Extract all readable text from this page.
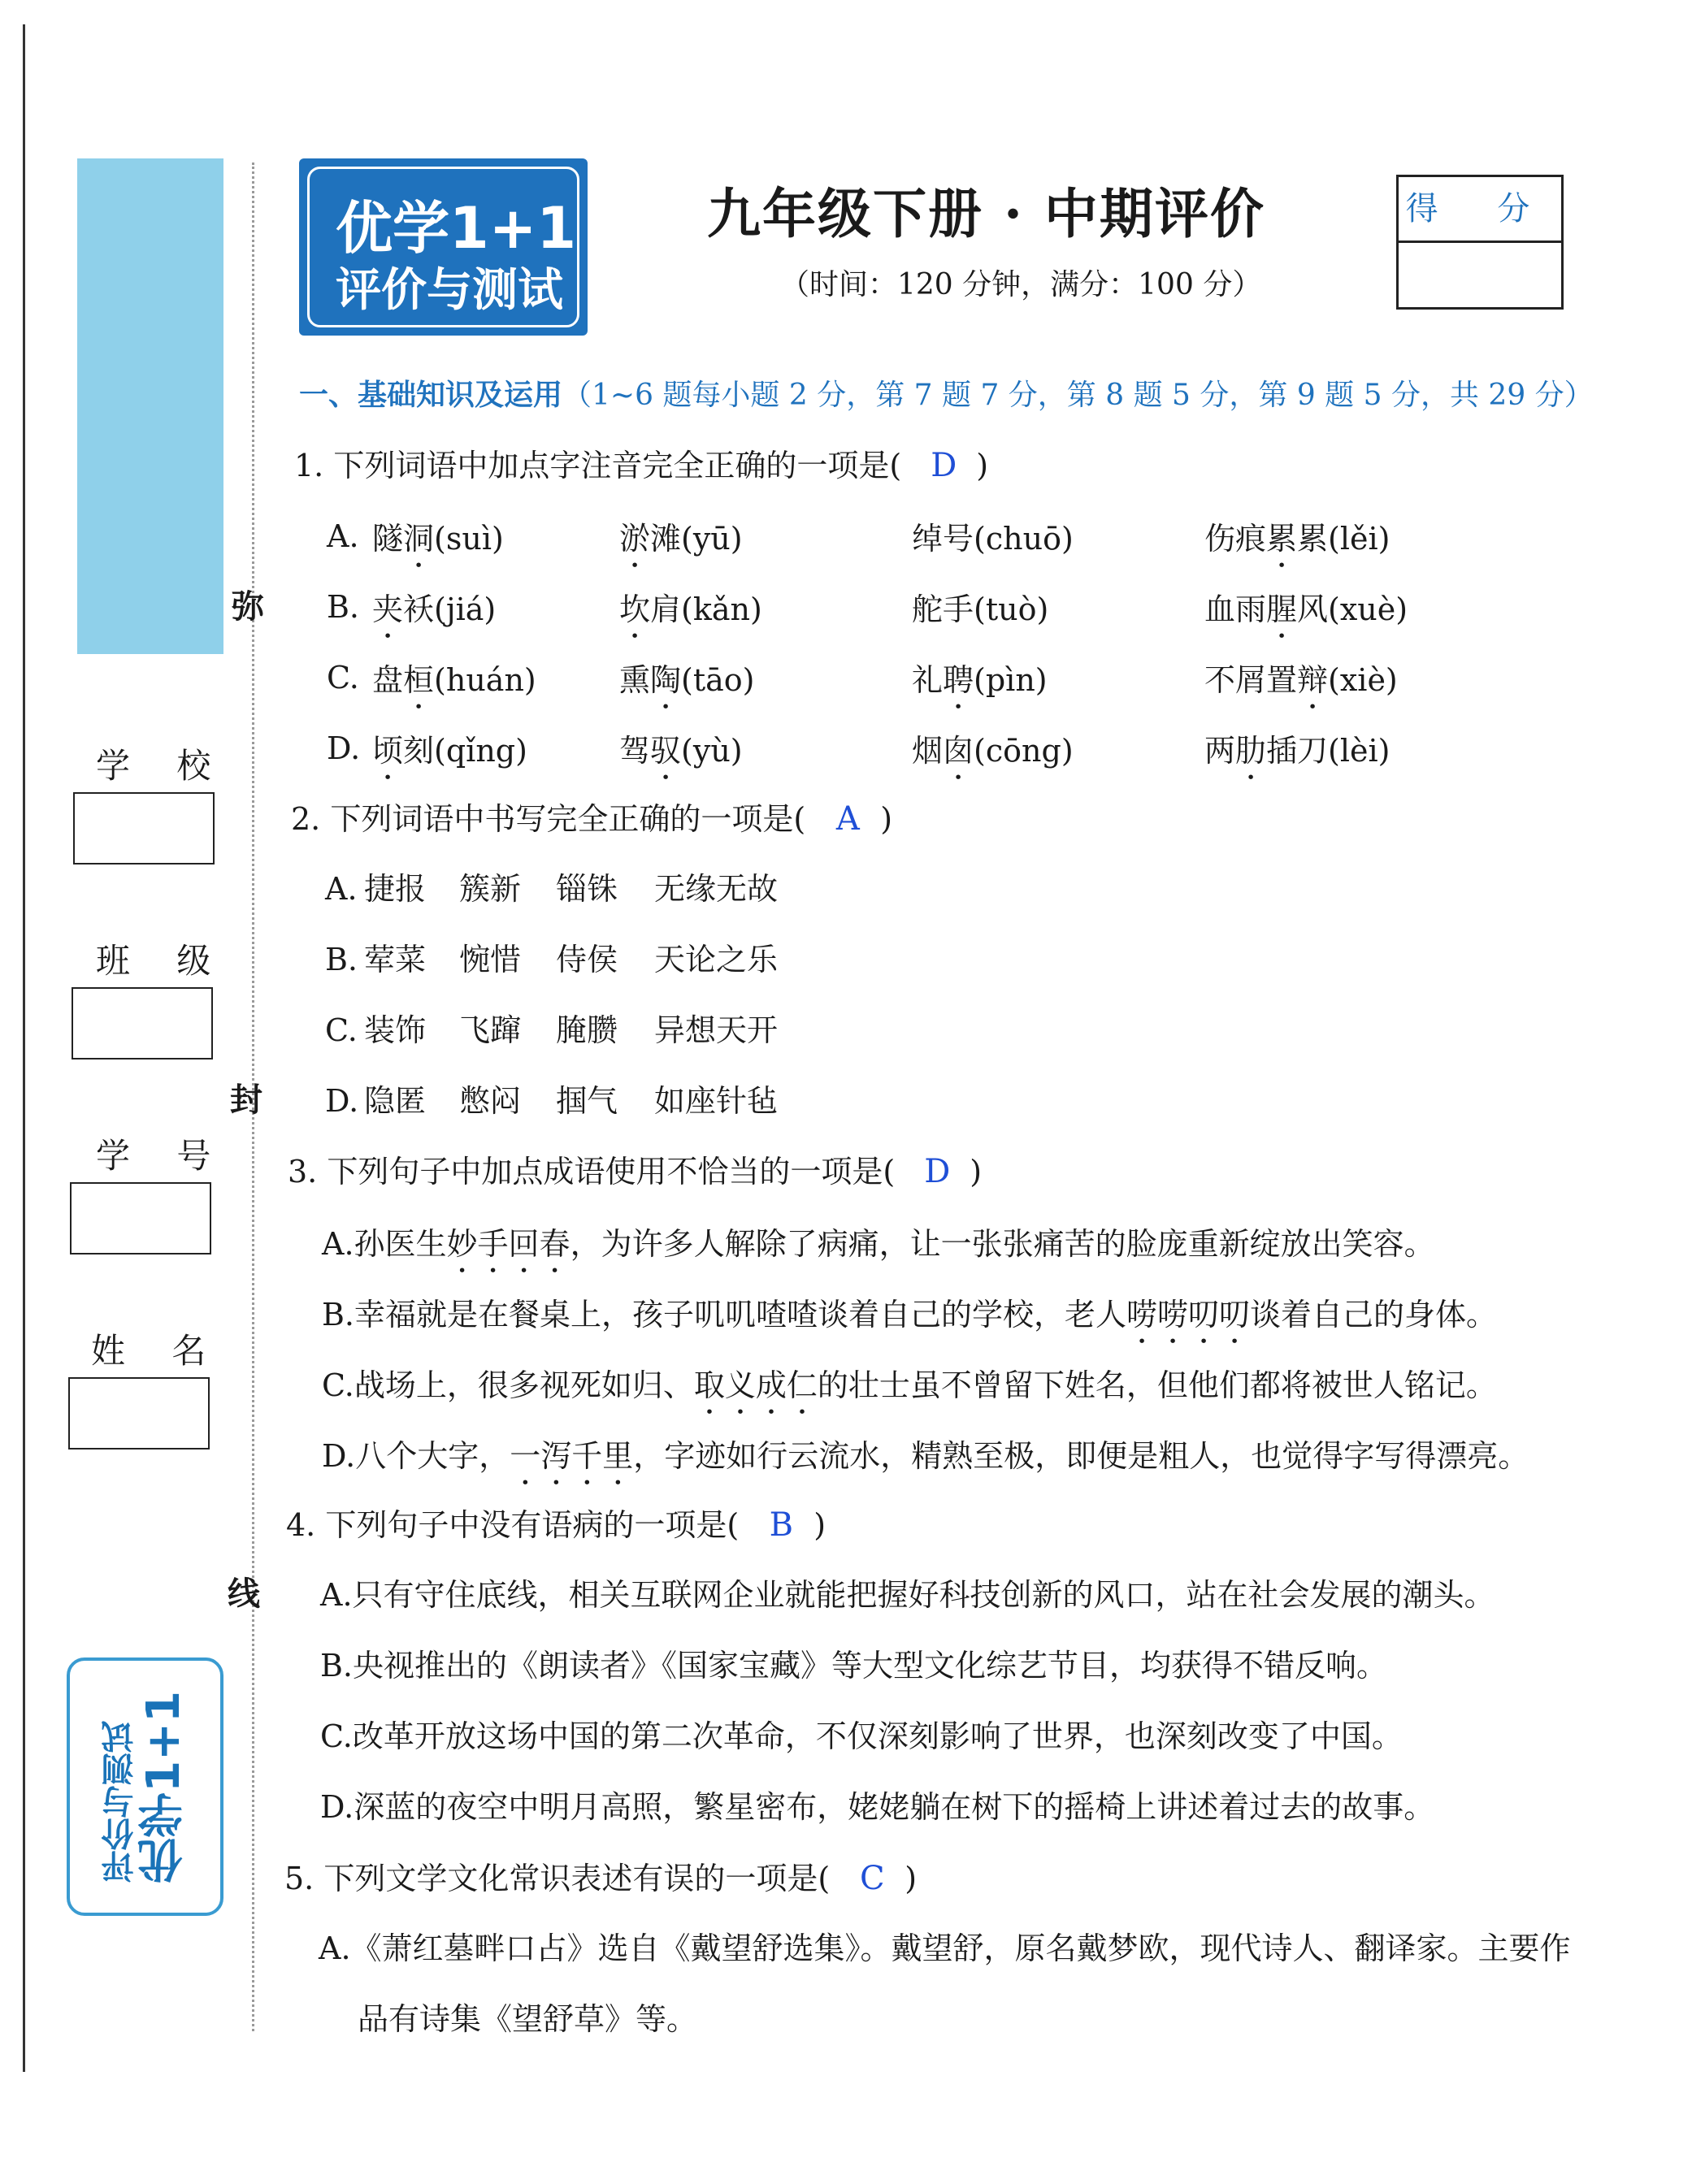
学 校
班 级
学 号
姓 名
弥
封
线
优学1+1
评价与测试
优学1+1
评价与测试
九年级下册 · 中期评价
（时间：120 分钟，满分：100 分）
得 分
一、基础知识及运用（1~6 题每小题 2 分，第 7 题 7 分，第 8 题 5 分，第 9 题 5 分，共 29 分）
1. 下列词语中加点字注音完全正确的一项是( D )
A. 隧洞(suì)	淤滩(yū)	绰号(chuō)	伤痕累累(lěi)
B. 夹袄(jiá)	坎肩(kǎn)	舵手(tuò)	血雨腥风(xuè)
C. 盘桓(huán)	熏陶(tāo)	礼聘(pìn)	不屑置辩(xiè)
D. 顷刻(qǐng)	驾驭(yù)	烟囱(cōng)	两肋插刀(lèi)
2. 下列词语中书写完全正确的一项是( A )
A. 捷报 簇新 锱铢 无缘无故
B. 荤菜 惋惜 侍侯 天论之乐
C. 装饰 飞蹿 腌臜 异想天开
D. 隐匿 憋闷 掴气 如座针毡
3. 下列句子中加点成语使用不恰当的一项是( D )
A.孙医生妙手回春，为许多人解除了病痛，让一张张痛苦的脸庞重新绽放出笑容。
B.幸福就是在餐桌上，孩子叽叽喳喳谈着自己的学校，老人唠唠叨叨谈着自己的身体。
C.战场上，很多视死如归、取义成仁的壮士虽不曾留下姓名，但他们都将被世人铭记。
D.八个大字，一泻千里，字迹如行云流水，精熟至极，即便是粗人，也觉得字写得漂亮。
4. 下列句子中没有语病的一项是( B )
A.只有守住底线，相关互联网企业就能把握好科技创新的风口，站在社会发展的潮头。
B.央视推出的《朗读者》《国家宝藏》等大型文化综艺节目，均获得不错反响。
C.改革开放这场中国的第二次革命，不仅深刻影响了世界，也深刻改变了中国。
D.深蓝的夜空中明月高照，繁星密布，姥姥躺在树下的摇椅上讲述着过去的故事。
5. 下列文学文化常识表述有误的一项是( C )
A.《萧红墓畔口占》选自《戴望舒选集》。戴望舒，原名戴梦欧，现代诗人、翻译家。主要作
品有诗集《望舒草》等。
